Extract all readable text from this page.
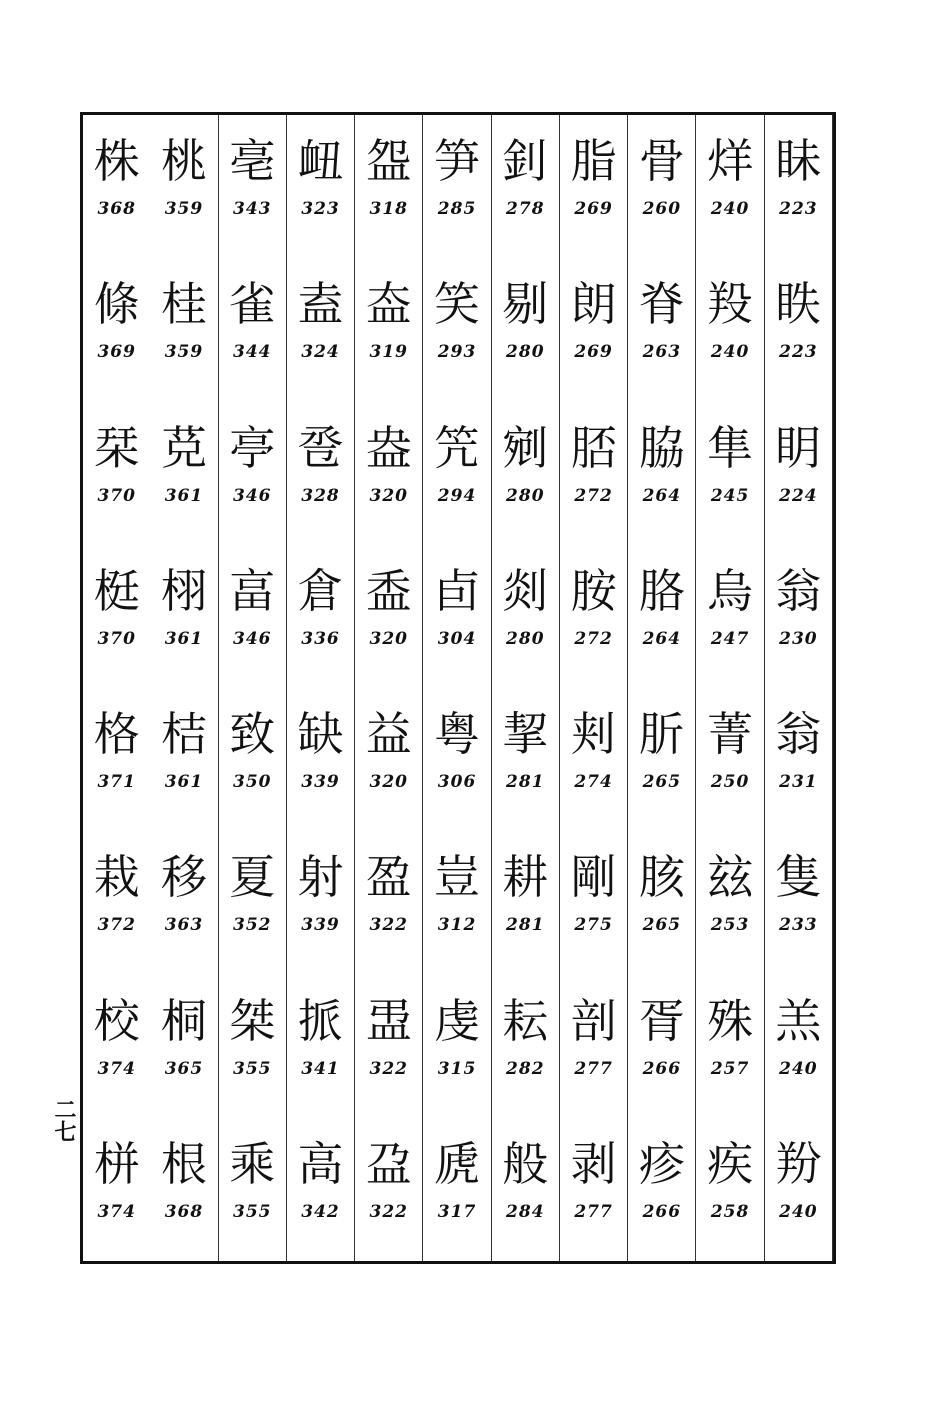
眛
223
眣
223
眀
224
翁
230
翁
231
隻
233
羔
240
羒
240
烊
240
羖
240
隼
245
烏
247
菁
250
玆
253
殊
257
疾
258
骨
260
脊
263
脇
264
胳
264
肵
265
胲
265
胥
266
疹
266
脂
269
朗
269
脴
272
胺
272
刾
274
剛
275
剖
277
剥
277
釗
278
剔
280
剜
280
剡
280
挈
281
耕
281
耘
282
般
284
笋
285
笑
293
笐
294
卣
304
粤
306
豈
312
虔
315
虒
317
盌
318
盇
319
盎
320
盉
320
益
320
盈
322
盄
322
盁
322
衄
323
盍
324
卺
328
倉
336
缺
339
射
339
挀
341
高
342
亳
343
雀
344
亭
346
畗
346
致
350
夏
352
桀
355
乘
355
桃
359
桂
359
莌
361
栩
361
桔
361
移
363
桐
365
根
368
株
368
條
369
栞
370
梃
370
格
371
栽
372
校
374
栟
374
二七
